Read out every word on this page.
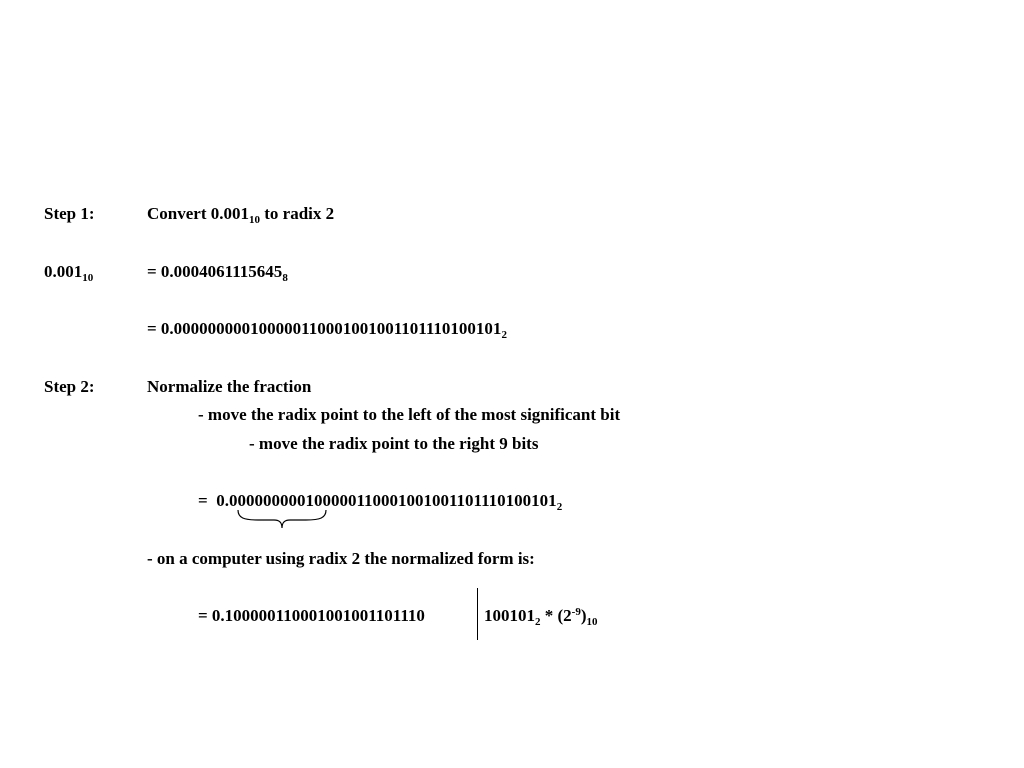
Step 1:	Convert $0.001_{10}$ to radix 2
$0.001_{10}$	= $0.0004061115645_8$
= $0.000000000100000110001001001101110100101_2$
Step 2:	Normalize the fraction
- move the radix point to the left of the most significant bit
- move the radix point to the right 9 bits
=  $0.000000000100000110001001001101110100101_2$
- on a computer using radix 2 the normalized form is:
= 0.100000110001001001101110	$100101_2 * (2^{-9})_{10}$
